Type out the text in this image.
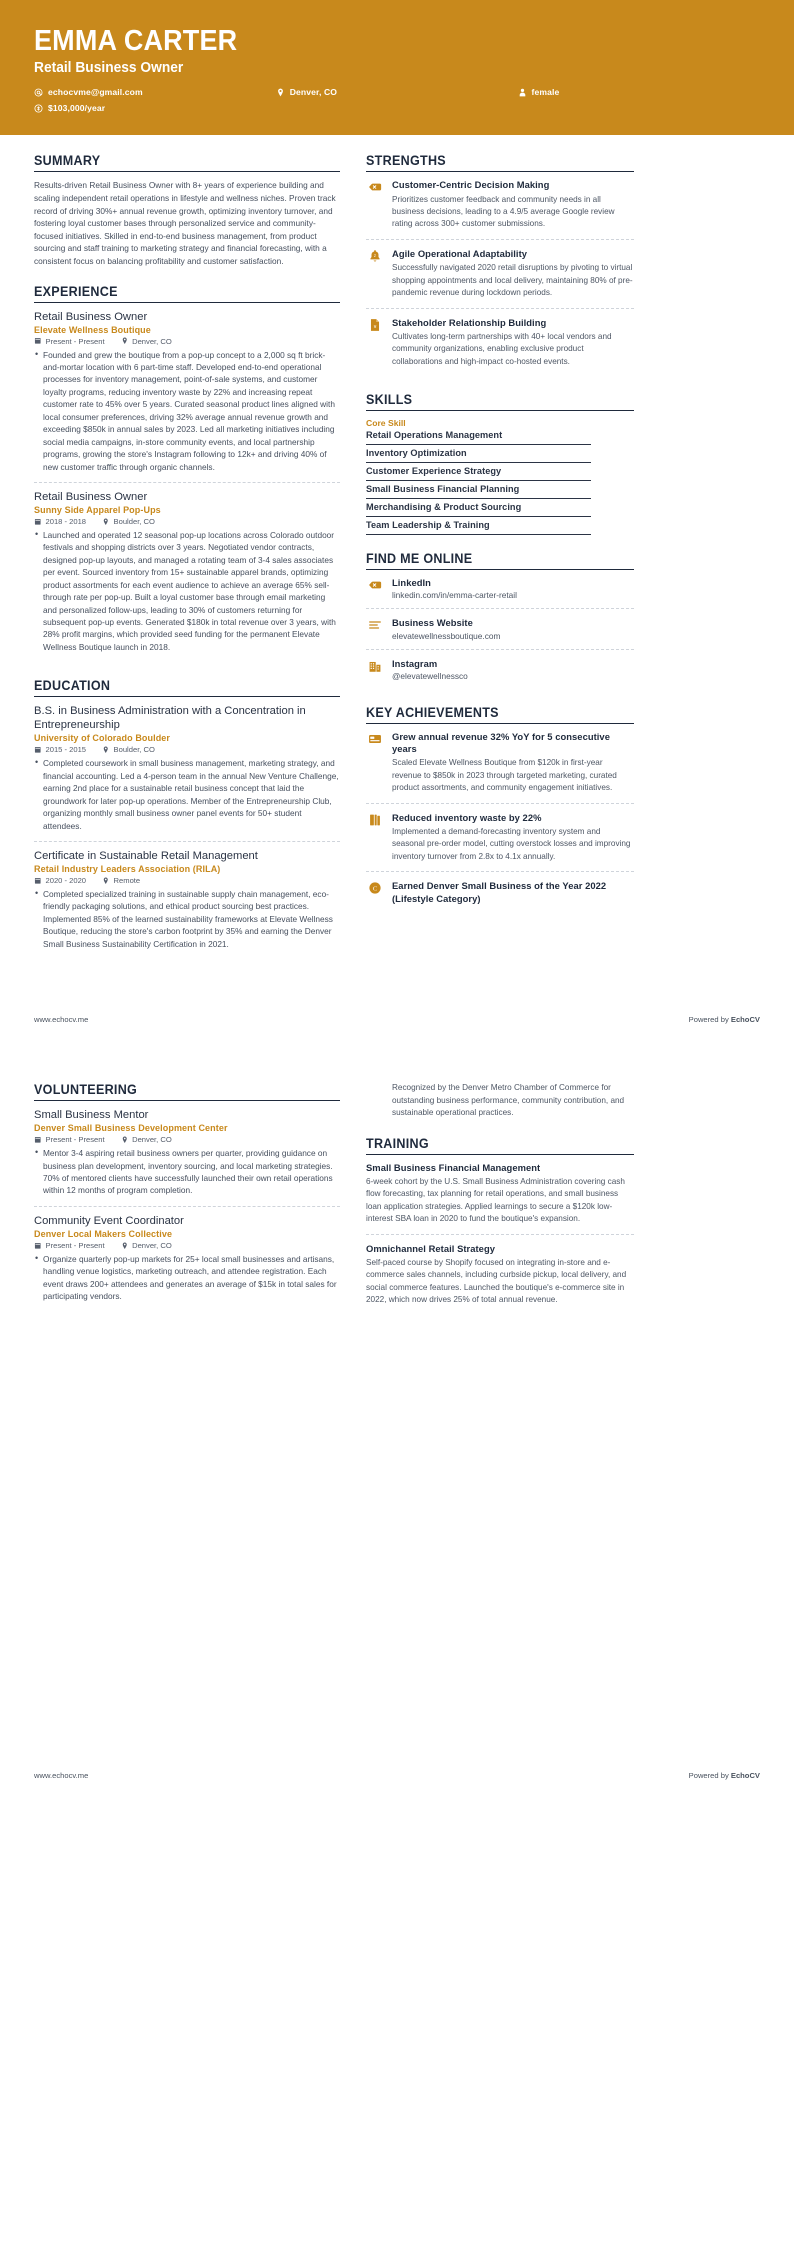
EMMA CARTER
Retail Business Owner
echocvme@gmail.com	Denver, CO	female
$103,000/year
SUMMARY
Results-driven Retail Business Owner with 8+ years of experience building and scaling independent retail operations in lifestyle and wellness niches. Proven track record of driving 30%+ annual revenue growth, optimizing inventory turnover, and fostering loyal customer bases through personalized service and community-focused initiatives. Skilled in end-to-end business management, from product sourcing and staff training to marketing strategy and financial forecasting, with a consistent focus on balancing profitability and customer satisfaction.
EXPERIENCE
Retail Business Owner
Elevate Wellness Boutique
Present - Present	Denver, CO
• Founded and grew the boutique from a pop-up concept to a 2,000 sq ft brick-and-mortar location with 6 part-time staff. Developed end-to-end operational processes for inventory management, point-of-sale systems, and customer loyalty programs, reducing inventory waste by 22% and increasing repeat customer rate to 45% over 5 years. Curated seasonal product lines aligned with local consumer preferences, driving 32% average annual revenue growth and exceeding $850k in annual sales by 2023. Led all marketing initiatives including social media campaigns, in-store community events, and local partnership programs, growing the store's Instagram following to 12k+ and driving 40% of new customer traffic through organic channels.
Retail Business Owner
Sunny Side Apparel Pop-Ups
2018 - 2018	Boulder, CO
• Launched and operated 12 seasonal pop-up locations across Colorado outdoor festivals and shopping districts over 3 years. Negotiated vendor contracts, designed pop-up layouts, and managed a rotating team of 3-4 sales associates per event. Sourced inventory from 15+ sustainable apparel brands, optimizing product assortments for each event audience to achieve an average 65% sell-through rate per pop-up. Built a loyal customer base through email marketing and personalized follow-ups, leading to 30% of customers returning for subsequent pop-up events. Generated $180k in total revenue over 3 years, with 28% profit margins, which provided seed funding for the permanent Elevate Wellness Boutique launch in 2018.
EDUCATION
B.S. in Business Administration with a Concentration in Entrepreneurship
University of Colorado Boulder
2015 - 2015	Boulder, CO
• Completed coursework in small business management, marketing strategy, and financial accounting. Led a 4-person team in the annual New Venture Challenge, earning 2nd place for a sustainable retail business concept that laid the groundwork for later pop-up operations. Member of the Entrepreneurship Club, organizing monthly small business owner panel events for 50+ student attendees.
Certificate in Sustainable Retail Management
Retail Industry Leaders Association (RILA)
2020 - 2020	Remote
• Completed specialized training in sustainable supply chain management, eco-friendly packaging solutions, and ethical product sourcing best practices. Implemented 85% of the learned sustainability frameworks at Elevate Wellness Boutique, reducing the store's carbon footprint by 35% and earning the Denver Small Business Sustainability Certification in 2021.
STRENGTHS
Customer-Centric Decision Making
Prioritizes customer feedback and community needs in all business decisions, leading to a 4.9/5 average Google review rating across 300+ customer submissions.
z Agile Operational Adaptability
Successfully navigated 2020 retail disruptions by pivoting to virtual shopping appointments and local delivery, maintaining 80% of pre-pandemic revenue during lockdown periods.
¥ Stakeholder Relationship Building
Cultivates long-term partnerships with 40+ local vendors and community organizations, enabling exclusive product collaborations and high-impact co-hosted events.
SKILLS
Core Skill
Retail Operations Management
Inventory Optimization
Customer Experience Strategy
Small Business Financial Planning
Merchandising & Product Sourcing
Team Leadership & Training
FIND ME ONLINE
LinkedIn
linkedin.com/in/emma-carter-retail
Business Website
elevatewellnessboutique.com
Instagram
@elevatewellnessco
KEY ACHIEVEMENTS
Grew annual revenue 32% YoY for 5 consecutive years
Scaled Elevate Wellness Boutique from $120k in first-year revenue to $850k in 2023 through targeted marketing, curated product assortments, and community engagement initiatives.
Reduced inventory waste by 22%
Implemented a demand-forecasting inventory system and seasonal pre-order model, cutting overstock losses and improving inventory turnover from 2.8x to 4.1x annually.
C Earned Denver Small Business of the Year 2022 (Lifestyle Category)
www.echocv.me	Powered by EchoCV
VOLUNTEERING
Small Business Mentor
Denver Small Business Development Center
Present - Present	Denver, CO
• Mentor 3-4 aspiring retail business owners per quarter, providing guidance on business plan development, inventory sourcing, and local marketing strategies. 70% of mentored clients have successfully launched their own retail operations within 12 months of program completion.
Community Event Coordinator
Denver Local Makers Collective
Present - Present	Denver, CO
• Organize quarterly pop-up markets for 25+ local small businesses and artisans, handling venue logistics, marketing outreach, and attendee registration. Each event draws 200+ attendees and generates an average of $15k in total sales for participating vendors.
Recognized by the Denver Metro Chamber of Commerce for outstanding business performance, community contribution, and sustainable operational practices.
TRAINING
Small Business Financial Management
6-week cohort by the U.S. Small Business Administration covering cash flow forecasting, tax planning for retail operations, and small business loan application strategies. Applied learnings to secure a $120k low-interest SBA loan in 2020 to fund the boutique's expansion.
Omnichannel Retail Strategy
Self-paced course by Shopify focused on integrating in-store and e-commerce sales channels, including curbside pickup, local delivery, and social commerce features. Launched the boutique's e-commerce site in 2022, which now drives 25% of total annual revenue.
www.echocv.me	Powered by EchoCV
